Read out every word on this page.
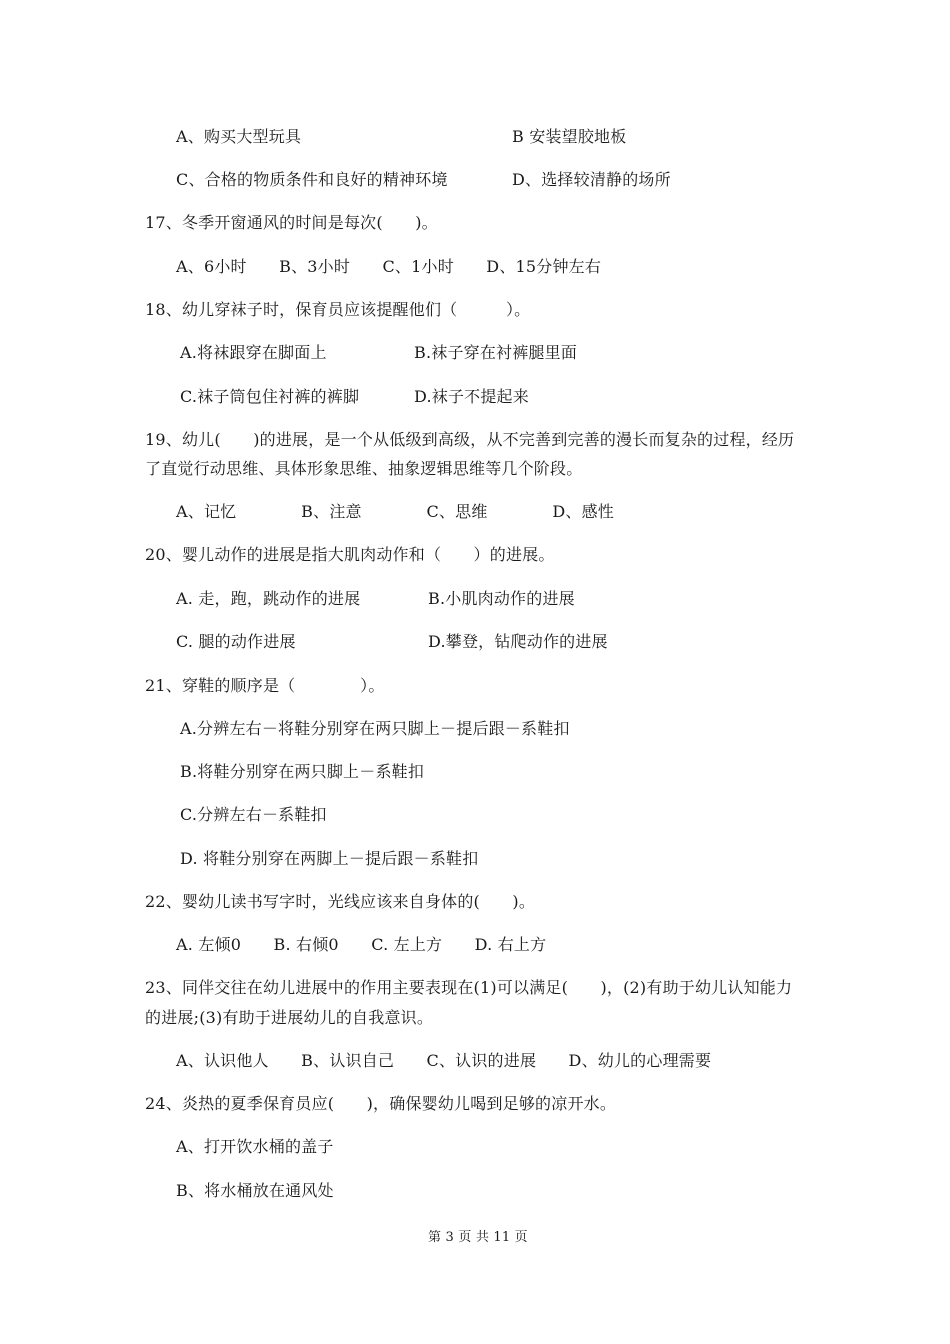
A、购买大型玩具	B 安装望胶地板
C、合格的物质条件和良好的精神环境	D、选择较清静的场所
17、冬季开窗通风的时间是每次(　　)。
A、6小时　　B、3小时　　C、1小时　　D、15分钟左右
18、幼儿穿袜子时，保育员应该提醒他们（　　　）。
A.将袜跟穿在脚面上	B.袜子穿在衬裤腿里面
C.袜子筒包住衬裤的裤脚	D.袜子不提起来
19、幼儿(　　)的进展，是一个从低级到高级，从不完善到完善的漫长而复杂的过程，经历
了直觉行动思维、具体形象思维、抽象逻辑思维等几个阶段。
A、记忆　　　　B、注意　　　　C、思维　　　　D、感性
20、婴儿动作的进展是指大肌肉动作和（　　）的进展。
A. 走，跑，跳动作的进展	B.小肌肉动作的进展
C. 腿的动作进展	D.攀登，钻爬动作的进展
21、穿鞋的顺序是（　　　　）。
A.分辨左右－将鞋分别穿在两只脚上－提后跟－系鞋扣
B.将鞋分别穿在两只脚上－系鞋扣
C.分辨左右－系鞋扣
D. 将鞋分别穿在两脚上－提后跟－系鞋扣
22、婴幼儿读书写字时，光线应该来自身体的(　　)。
A. 左倾0　　B. 右倾0　　C. 左上方　　D. 右上方
23、同伴交往在幼儿进展中的作用主要表现在(1)可以满足(　　)，(2)有助于幼儿认知能力
的进展;(3)有助于进展幼儿的自我意识。
A、认识他人　　B、认识自己　　C、认识的进展　　D、幼儿的心理需要
24、炎热的夏季保育员应(　　)，确保婴幼儿喝到足够的凉开水。
A、打开饮水桶的盖子
B、将水桶放在通风处
第 3 页 共 11 页
